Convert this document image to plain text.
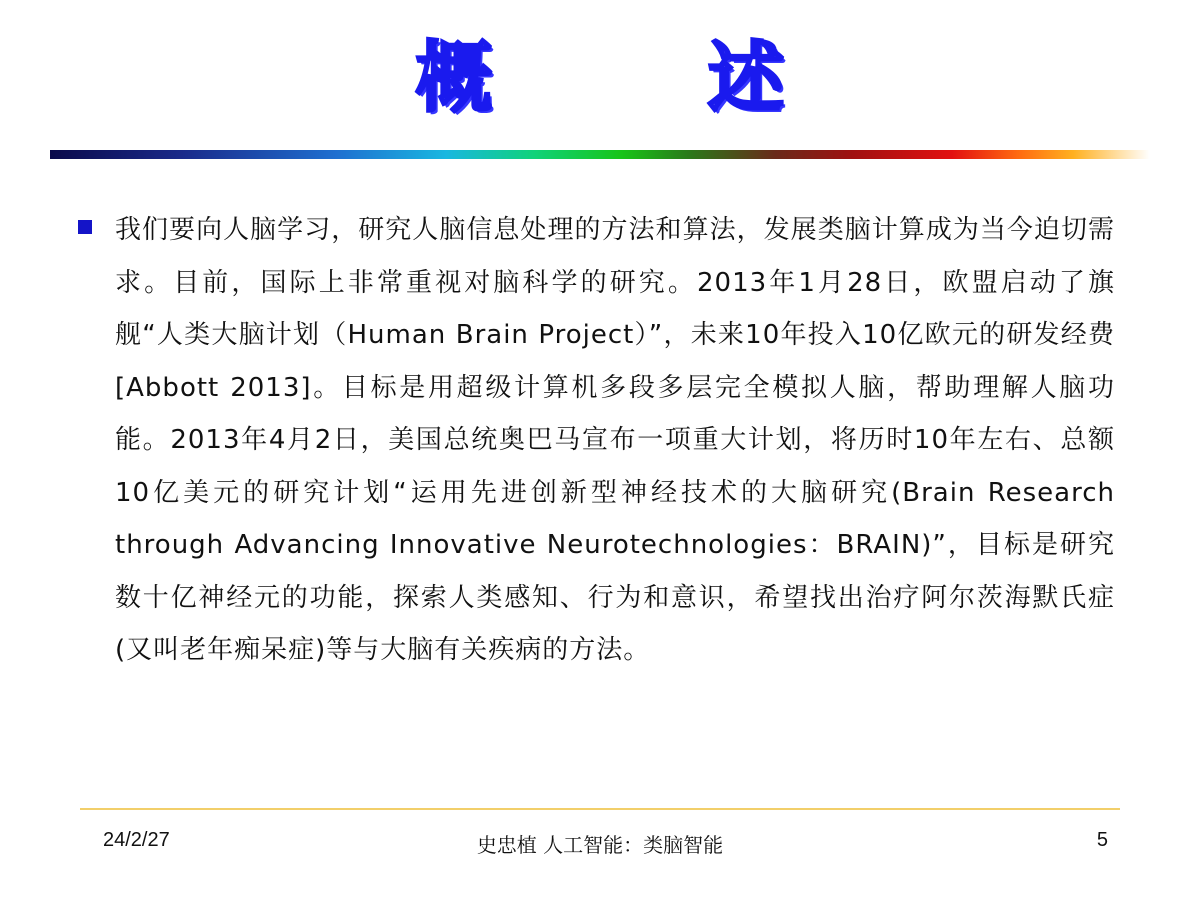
概　述
我们要向人脑学习，研究人脑信息处理的方法和算法，发展类脑计算成为当今迫切需求。目前，国际上非常重视对脑科学的研究。2013年1月28日，欧盟启动了旗舰“人类大脑计划（Human Brain Project）”，未来10年投入10亿欧元的研发经费[Abbott 2013]。目标是用超级计算机多段多层完全模拟人脑，帮助理解人脑功能。2013年4月2日，美国总统奥巴马宣布一项重大计划，将历时10年左右、总额10亿美元的研究计划“运用先进创新型神经技术的大脑研究(Brain Research through Advancing Innovative Neurotechnologies：BRAIN)”，目标是研究数十亿神经元的功能，探索人类感知、行为和意识，希望找出治疗阿尔茨海默氏症(又叫老年痴呆症)等与大脑有关疾病的方法。
24/2/27	史忠植 人工智能：类脑智能	5
